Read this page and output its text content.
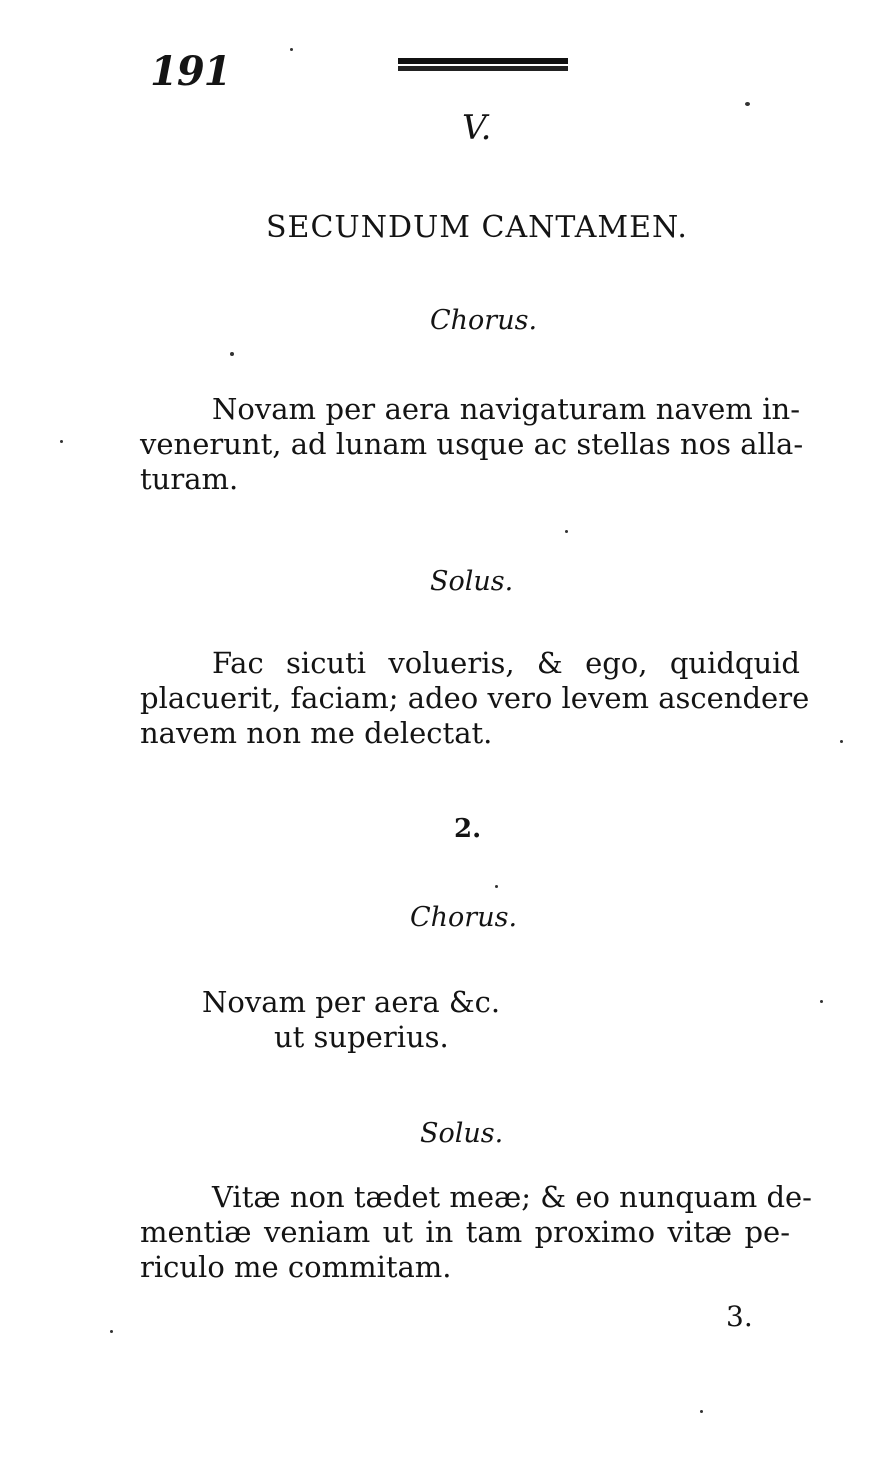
191
V.
SECUNDUM CANTAMEN.
Chorus.
Novam per aera navigaturam navem in-
venerunt, ad lunam usque ac stellas nos alla-
turam.
Solus.
Fac sicuti volueris, & ego, quidquid
placuerit, faciam; adeo vero levem ascendere
navem non me delectat.
2.
Chorus.
Novam per aera &c.
ut superius.
Solus.
Vitæ non tædet meæ; & eo nunquam de-
mentiæ veniam ut in tam proximo vitæ pe-
riculo me commitam.
3.
